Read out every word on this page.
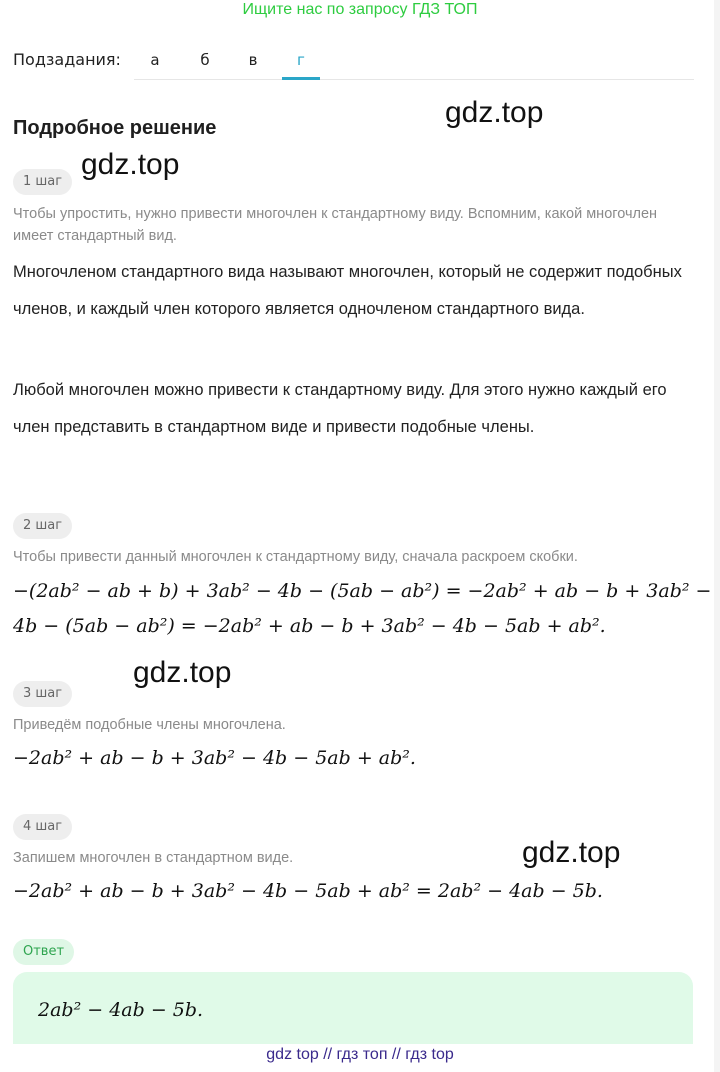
Ищите нас по запросу ГДЗ ТОП
Подзадания:	а	б	в	г
Подробное решение	gdz.top
gdz.top
gdz.top
gdz.top
1 шаг
Чтобы упростить, нужно привести многочлен к стандартному виду. Вспомним, какой многочлен имеет стандартный вид.
Многочленом стандартного вида называют многочлен, который не содержит подобных членов, и каждый член которого является одночленом стандартного вида.
Любой многочлен можно привести к стандартному виду. Для этого нужно каждый его член представить в стандартном виде и привести подобные члены.
2 шаг
Чтобы привести данный многочлен к стандартному виду, сначала раскроем скобки.
−(2ab² − ab + b) + 3ab² − 4b − (5ab − ab²) = −2ab² + ab − b + 3ab² −
4b − (5ab − ab²) = −2ab² + ab − b + 3ab² − 4b − 5ab + ab².
3 шаг
Приведём подобные члены многочлена.
−2ab² + ab − b + 3ab² − 4b − 5ab + ab².
4 шаг
Запишем многочлен в стандартном виде.
−2ab² + ab − b + 3ab² − 4b − 5ab + ab² = 2ab² − 4ab − 5b.
Ответ
2ab² − 4ab − 5b.
gdz top // гдз топ // гдз top
